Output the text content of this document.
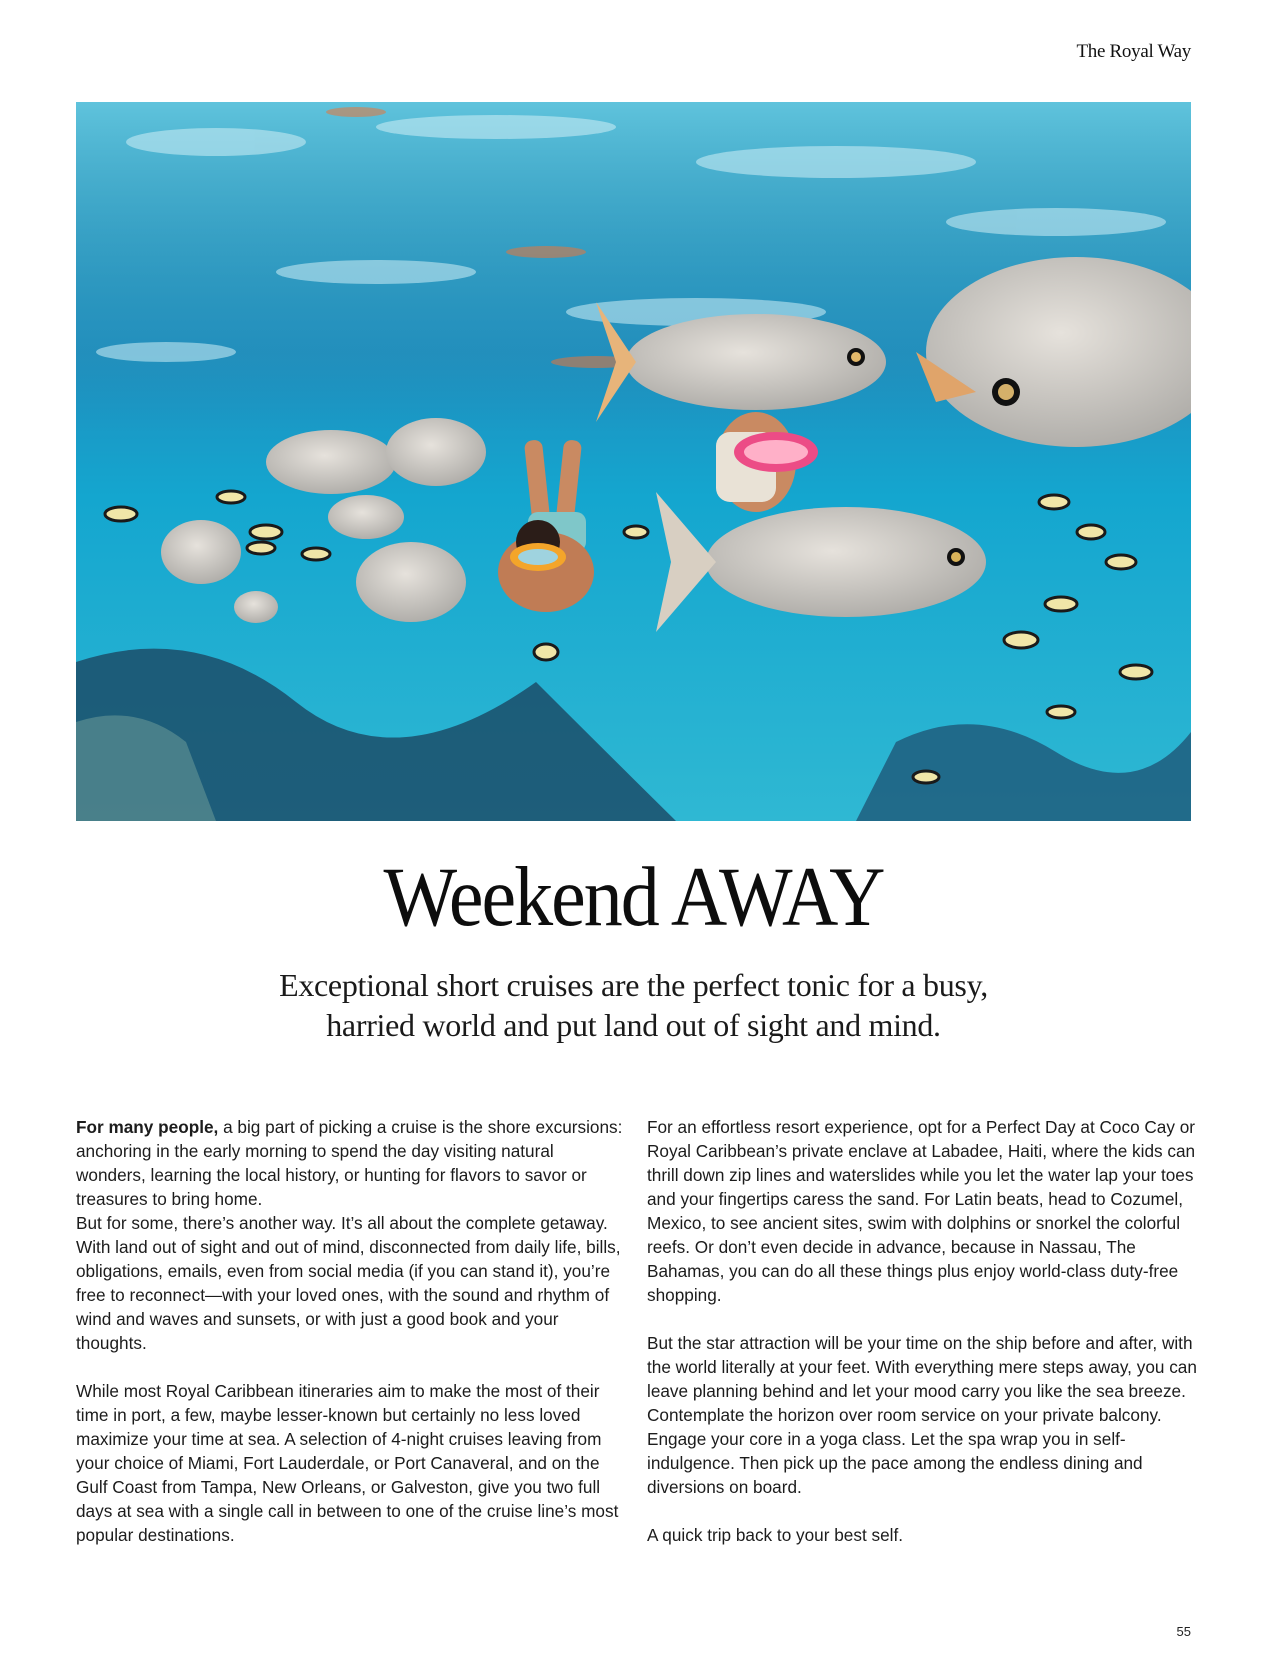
The Royal Way
Weekend AWAY
Exceptional short cruises are the perfect tonic for a busy,
harried world and put land out of sight and mind.

For many people, a big part of picking a cruise is the shore excursions: anchoring in the early morning to spend the day visiting natural wonders, learning the local history, or hunting for flavors to savor or treasures to bring home.

But for some, there’s another way. It’s all about the complete getaway. With land out of sight and out of mind, disconnected from daily life, bills, obligations, emails, even from social media (if you can stand it), you’re free to reconnect—with your loved ones, with the sound and rhythm of wind and waves and sunsets, or with just a good book and your thoughts.

While most Royal Caribbean itineraries aim to make the most of their time in port, a few, maybe lesser-known but certainly no less loved maximize your time at sea. A selection of 4-night cruises leaving from your choice of Miami, Fort Lauderdale, or Port Canaveral, and on the Gulf Coast from Tampa, New Orleans, or Galveston, give you two full days at sea with a single call in between to one of the cruise line’s most popular destinations.

For an effortless resort experience, opt for a Perfect Day at Coco Cay or Royal Caribbean’s private enclave at Labadee, Haiti, where the kids can thrill down zip lines and waterslides while you let the water lap your toes and your fingertips caress the sand. For Latin beats, head to Cozumel, Mexico, to see ancient sites, swim with dolphins or snorkel the colorful reefs. Or don’t even decide in advance, because in Nassau, The Bahamas, you can do all these things plus enjoy world-class duty-free shopping.

But the star attraction will be your time on the ship before and after, with the world literally at your feet. With everything mere steps away, you can leave planning behind and let your mood carry you like the sea breeze. Contemplate the horizon over room service on your private balcony. Engage your core in a yoga class. Let the spa wrap you in self-indulgence. Then pick up the pace among the endless dining and diversions on board.

A quick trip back to your best self.

55
